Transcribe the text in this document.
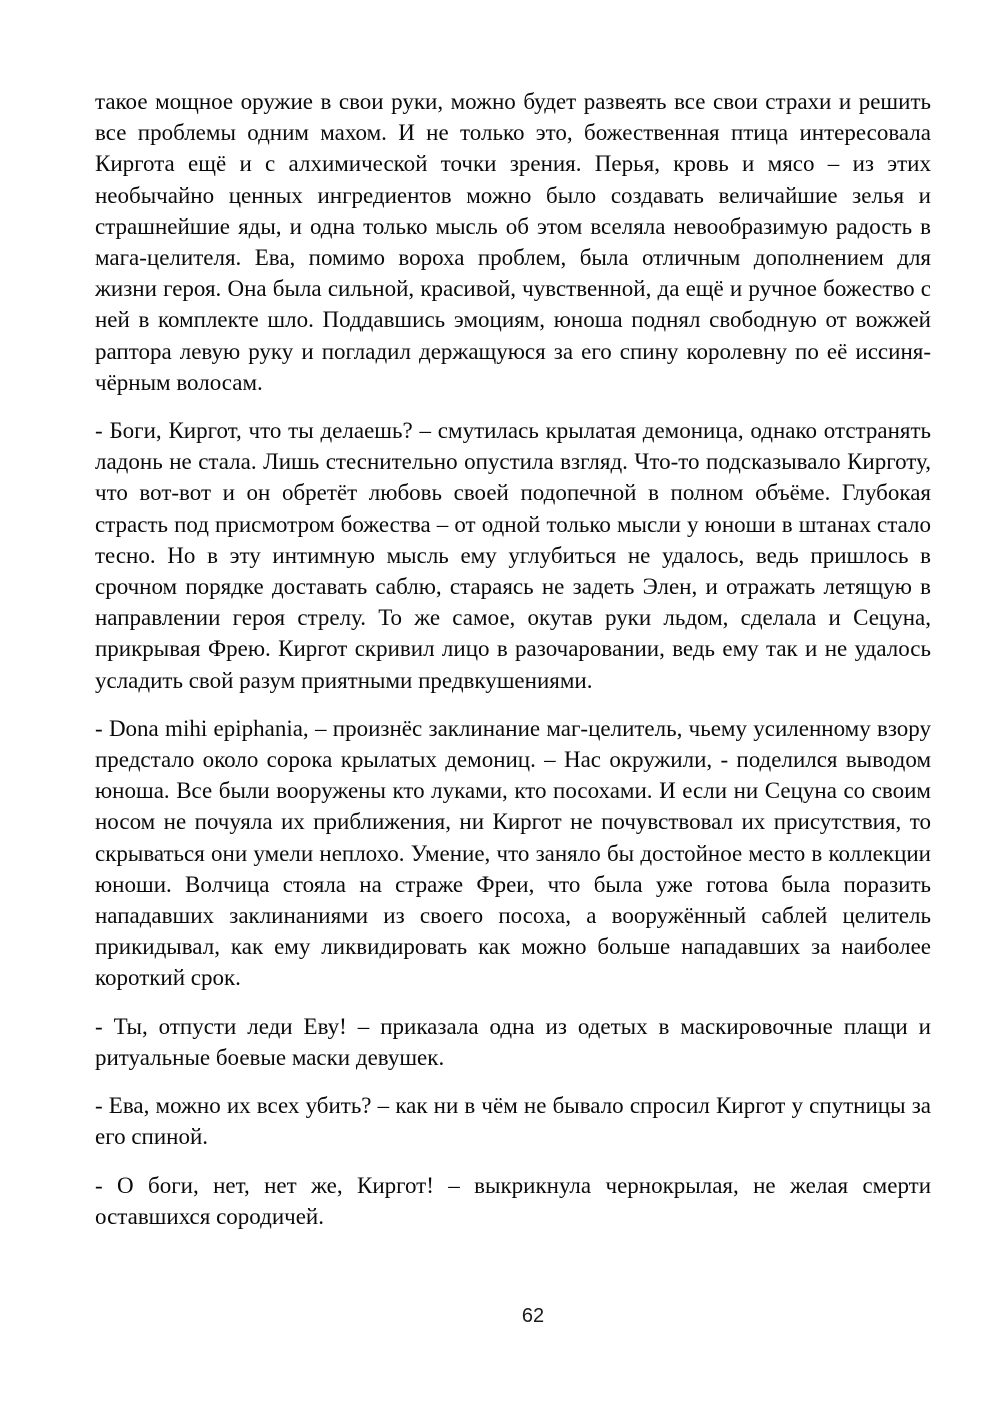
такое мощное оружие в свои руки, можно будет развеять все свои страхи и решить все проблемы одним махом. И не только это, божественная птица интересовала Киргота ещё и с алхимической точки зрения. Перья, кровь и мясо – из этих необычайно ценных ингредиентов можно было создавать величайшие зелья и страшнейшие яды, и одна только мысль об этом вселяла невообразимую радость в мага-целителя. Ева, помимо вороха проблем, была отличным дополнением для жизни героя. Она была сильной, красивой, чувственной, да ещё и ручное божество с ней в комплекте шло. Поддавшись эмоциям, юноша поднял свободную от вожжей раптора левую руку и погладил держащуюся за его спину королевну по её иссиня-чёрным волосам.

- Боги, Киргот, что ты делаешь? – смутилась крылатая демоница, однако отстранять ладонь не стала. Лишь стеснительно опустила взгляд. Что-то подсказывало Кирготу, что вот-вот и он обретёт любовь своей подопечной в полном объёме. Глубокая страсть под присмотром божества – от одной только мысли у юноши в штанах стало тесно. Но в эту интимную мысль ему углубиться не удалось, ведь пришлось в срочном порядке доставать саблю, стараясь не задеть Элен, и отражать летящую в направлении героя стрелу. То же самое, окутав руки льдом, сделала и Сецуна, прикрывая Фрею. Киргот скривил лицо в разочаровании, ведь ему так и не удалось усладить свой разум приятными предвкушениями.

- Dona mihi epiphania, – произнёс заклинание маг-целитель, чьему усиленному взору предстало около сорока крылатых демониц. – Нас окружили, - поделился выводом юноша. Все были вооружены кто луками, кто посохами. И если ни Сецуна со своим носом не почуяла их приближения, ни Киргот не почувствовал их присутствия, то скрываться они умели неплохо. Умение, что заняло бы достойное место в коллекции юноши. Волчица стояла на страже Фреи, что была уже готова была поразить нападавших заклинаниями из своего посоха, а вооружённый саблей целитель прикидывал, как ему ликвидировать как можно больше нападавших за наиболее короткий срок.

- Ты, отпусти леди Еву! – приказала одна из одетых в маскировочные плащи и ритуальные боевые маски девушек.

- Ева, можно их всех убить? – как ни в чём не бывало спросил Киргот у спутницы за его спиной.

- О боги, нет, нет же, Киргот! – выкрикнула чернокрылая, не желая смерти оставшихся сородичей.

62
